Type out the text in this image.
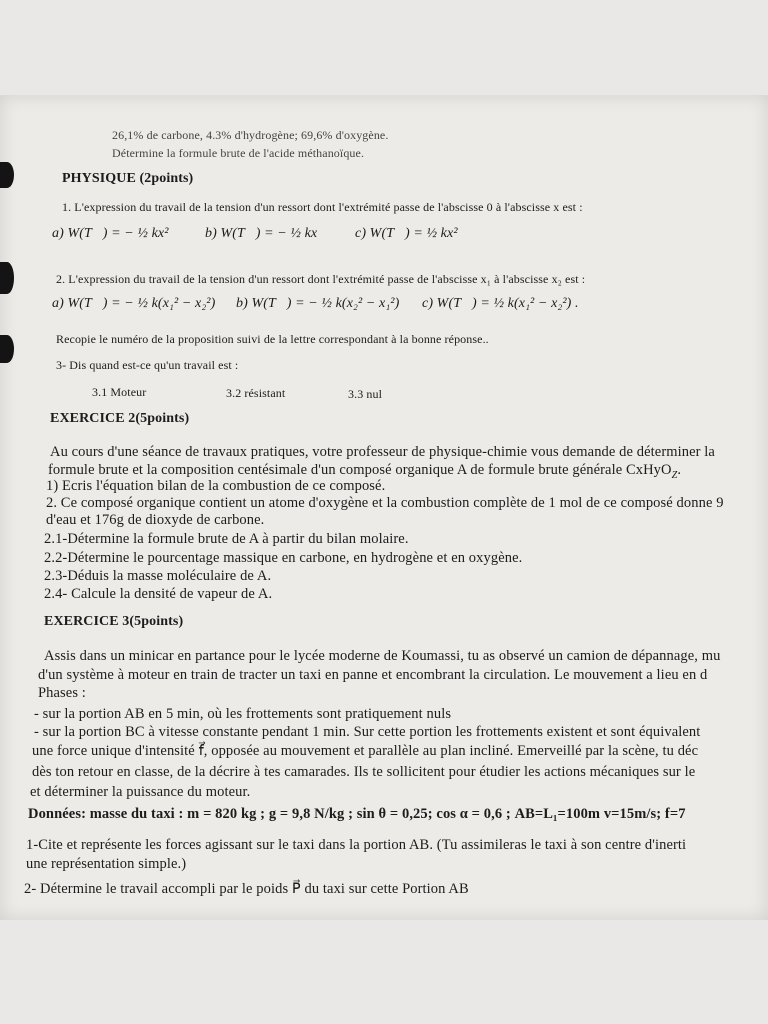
26,1% de carbone, 4.3% d'hydrogène; 69,6% d'oxygène.
Détermine la formule brute de l'acide méthanoïque.
PHYSIQUE (2points)
1. L'expression du travail de la tension d'un ressort dont l'extrémité passe de l'abscisse 0 à l'abscisse x est :
a) W(T⃗) = − ½ kx²	b) W(T⃗) = − ½ kx	c) W(T⃗) = ½ kx²
2. L'expression du travail de la tension d'un ressort dont l'extrémité passe de l'abscisse x₁ à l'abscisse x₂ est :
a) W(T⃗) = − ½ k(x₁² − x₂²) b) W(T⃗) = − ½ k(x₂² − x₁²) c) W(T⃗) = ½ k(x₁² − x₂²) .
Recopie le numéro de la proposition suivi de la lettre correspondant à la bonne réponse..
3- Dis quand est-ce qu'un travail est :
3.1 Moteur	3.2 résistant	3.3 nul
EXERCICE 2(5points)
Au cours d'une séance de travaux pratiques, votre professeur de physique-chimie vous demande de déterminer la
formule brute et la composition centésimale d'un composé organique A de formule brute générale CxHyO$_Z$.
1) Ecris l'équation bilan de la combustion de ce composé.
2. Ce composé organique contient un atome d'oxygène et la combustion complète de 1 mol de ce composé donne 9
d'eau et 176g de dioxyde de carbone.
2.1-Détermine la formule brute de A à partir du bilan molaire.
2.2-Détermine le pourcentage massique en carbone, en hydrogène et en oxygène.
2.3-Déduis la masse moléculaire de A.
2.4- Calcule la densité de vapeur de A.
EXERCICE 3(5points)
Assis dans un minicar en partance pour le lycée moderne de Koumassi, tu as observé un camion de dépannage, mu
d'un système à moteur en train de tracter un taxi en panne et encombrant la circulation. Le mouvement a lieu en d
Phases :
- sur la portion AB en 5 min, où les frottements sont pratiquement nuls
- sur la portion BC à vitesse constante pendant 1 min. Sur cette portion les frottements existent et sont équivalent
une force unique d'intensité f⃗, opposée au mouvement et parallèle au plan incliné. Emerveillé par la scène, tu déc
dès ton retour en classe, de la décrire à tes camarades. Ils te sollicitent pour étudier les actions mécaniques sur le
et déterminer la puissance du moteur.
Données: masse du taxi : m = 820 kg ; g = 9,8 N/kg ; sin θ = 0,25; cos α = 0,6 ; AB=L₁=100m v=15m/s; f=7
1-Cite et représente les forces agissant sur le taxi dans la portion AB. (Tu assimileras le taxi à son centre d'inerti
une représentation simple.)
2- Détermine le travail accompli par le poids P⃗ du taxi sur cette Portion AB
